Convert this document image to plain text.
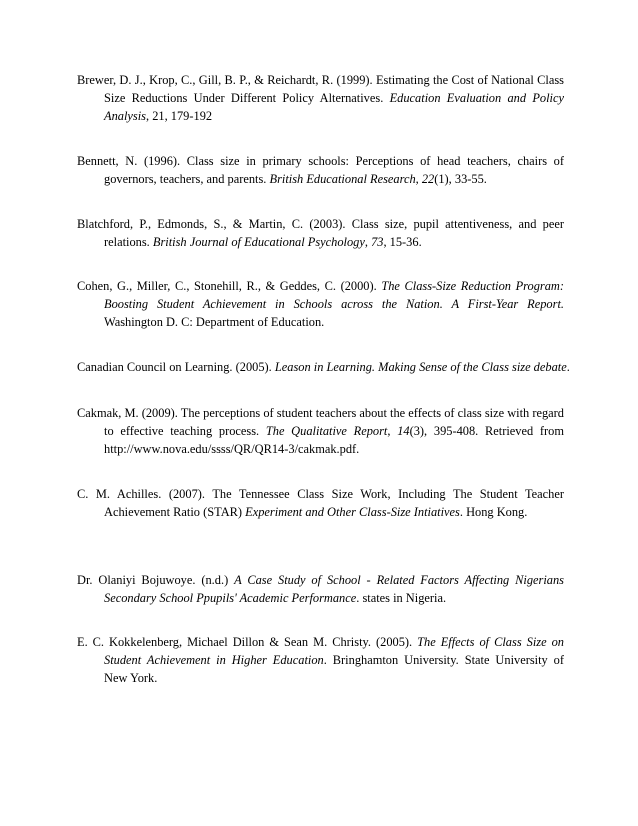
Brewer, D. J., Krop, C., Gill, B. P., & Reichardt, R. (1999). Estimating the Cost of National Class
Size Reductions Under Different Policy Alternatives. Education Evaluation and Policy
Analysis, 21, 179-192
Bennett, N. (1996). Class size in primary schools: Perceptions of head teachers, chairs of
governors, teachers, and parents. British Educational Research, 22(1), 33-55.
Blatchford, P., Edmonds, S., & Martin, C. (2003). Class size, pupil attentiveness, and peer
relations. British Journal of Educational Psychology, 73, 15-36.
Cohen, G., Miller, C., Stonehill, R., & Geddes, C. (2000). The Class-Size Reduction Program:
Boosting Student Achievement in Schools across the Nation. A First-Year Report.
Washington D. C: Department of Education.
Canadian Council on Learning. (2005). Leason in Learning. Making Sense of the Class size debate.
Cakmak, M. (2009). The perceptions of student teachers about the effects of class size with regard
to effective teaching process. The Qualitative Report, 14(3), 395-408. Retrieved from
http://www.nova.edu/ssss/QR/QR14-3/cakmak.pdf.
C. M. Achilles. (2007). The Tennessee Class Size Work, Including The Student Teacher
Achievement Ratio (STAR) Experiment and Other Class-Size Intiatives. Hong Kong.
Dr. Olaniyi Bojuwoye. (n.d.) A Case Study of School - Related Factors Affecting Nigerians
Secondary School Ppupils' Academic Performance. states in Nigeria.
E. C. Kokkelenberg, Michael Dillon & Sean M. Christy. (2005). The Effects of Class Size on
Student Achievement in Higher Education. Bringhamton University. State University of
New York.
